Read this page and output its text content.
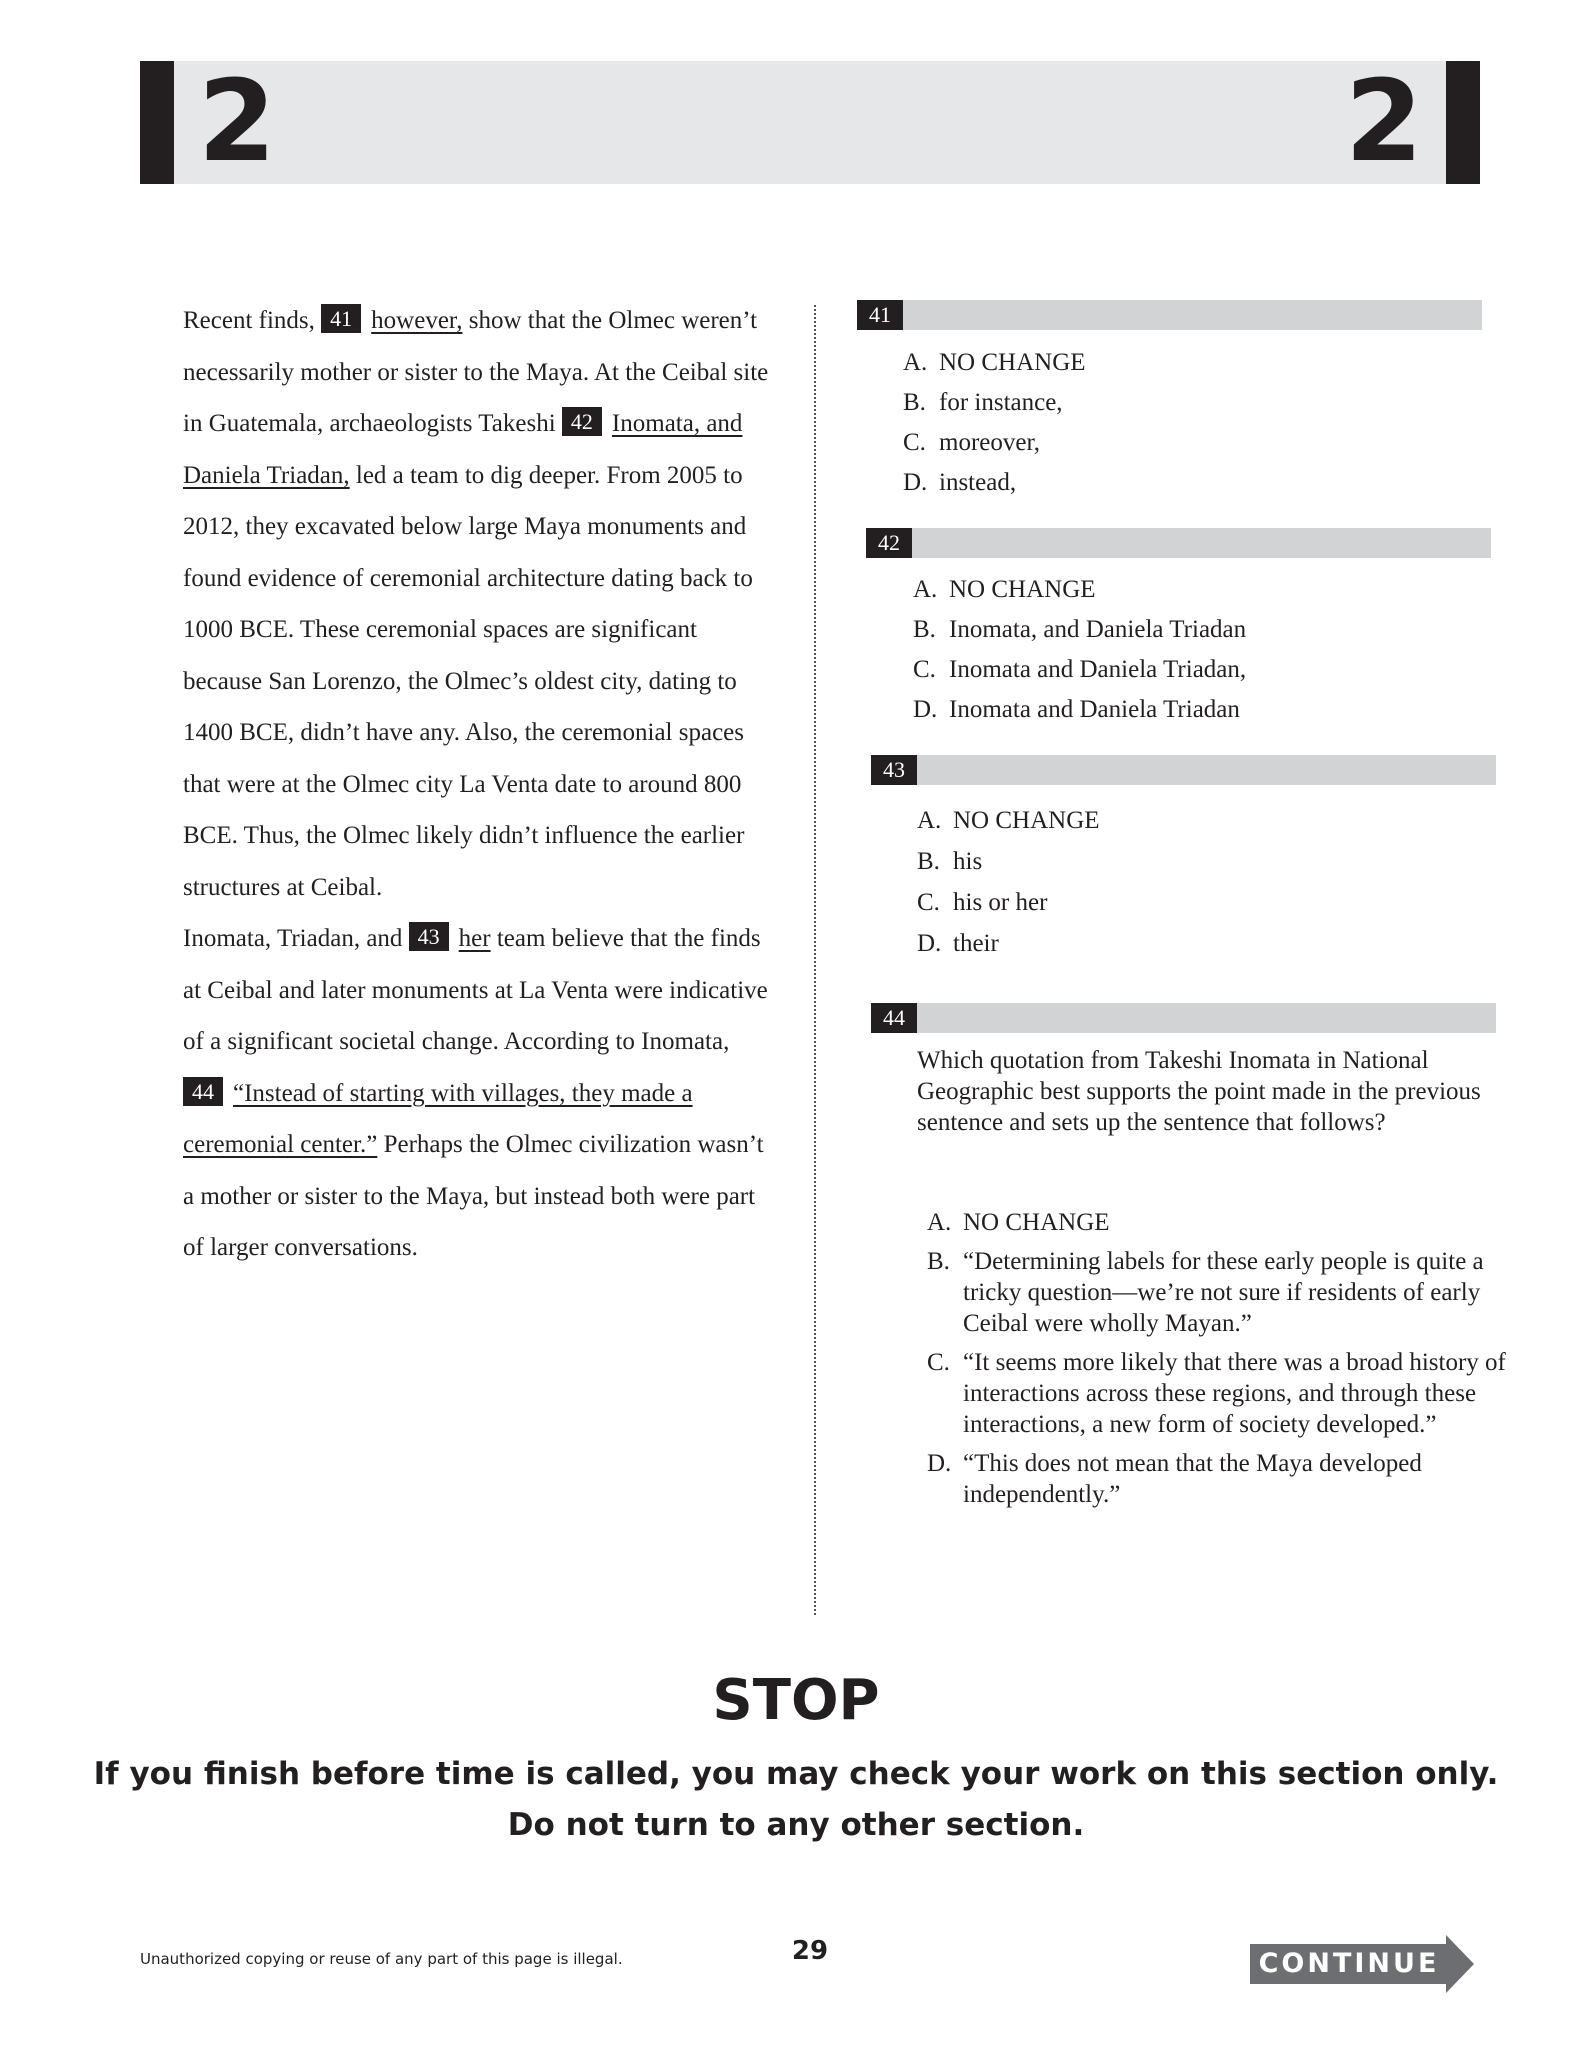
2	2

Recent finds, 41 however, show that the Olmec weren’t necessarily mother or sister to the Maya. At the Ceibal site in Guatemala, archaeologists Takeshi 42 Inomata, and Daniela Triadan, led a team to dig deeper. From 2005 to 2012, they excavated below large Maya monuments and found evidence of ceremonial architecture dating back to 1000 BCE. These ceremonial spaces are significant because San Lorenzo, the Olmec’s oldest city, dating to 1400 BCE, didn’t have any. Also, the ceremonial spaces that were at the Olmec city La Venta date to around 800 BCE. Thus, the Olmec likely didn’t influence the earlier structures at Ceibal.

Inomata, Triadan, and 43 her team believe that the finds at Ceibal and later monuments at La Venta were indicative of a significant societal change. According to Inomata, 44 “Instead of starting with villages, they made a ceremonial center.” Perhaps the Olmec civilization wasn’t a mother or sister to the Maya, but instead both were part of larger conversations.

41
A. NO CHANGE
B. for instance,
C. moreover,
D. instead,
42
A. NO CHANGE
B. Inomata, and Daniela Triadan
C. Inomata and Daniela Triadan,
D. Inomata and Daniela Triadan
43
A. NO CHANGE
B. his
C. his or her
D. their
44
Which quotation from Takeshi Inomata in National Geographic best supports the point made in the previous sentence and sets up the sentence that follows?
A. NO CHANGE
B. “Determining labels for these early people is quite a tricky question—we’re not sure if residents of early Ceibal were wholly Mayan.”
C. “It seems more likely that there was a broad history of interactions across these regions, and through these interactions, a new form of society developed.”
D. “This does not mean that the Maya developed independently.”
STOP
If you finish before time is called, you may check your work on this section only.
Do not turn to any other section.
Unauthorized copying or reuse of any part of this page is illegal.	29	CONTINUE
